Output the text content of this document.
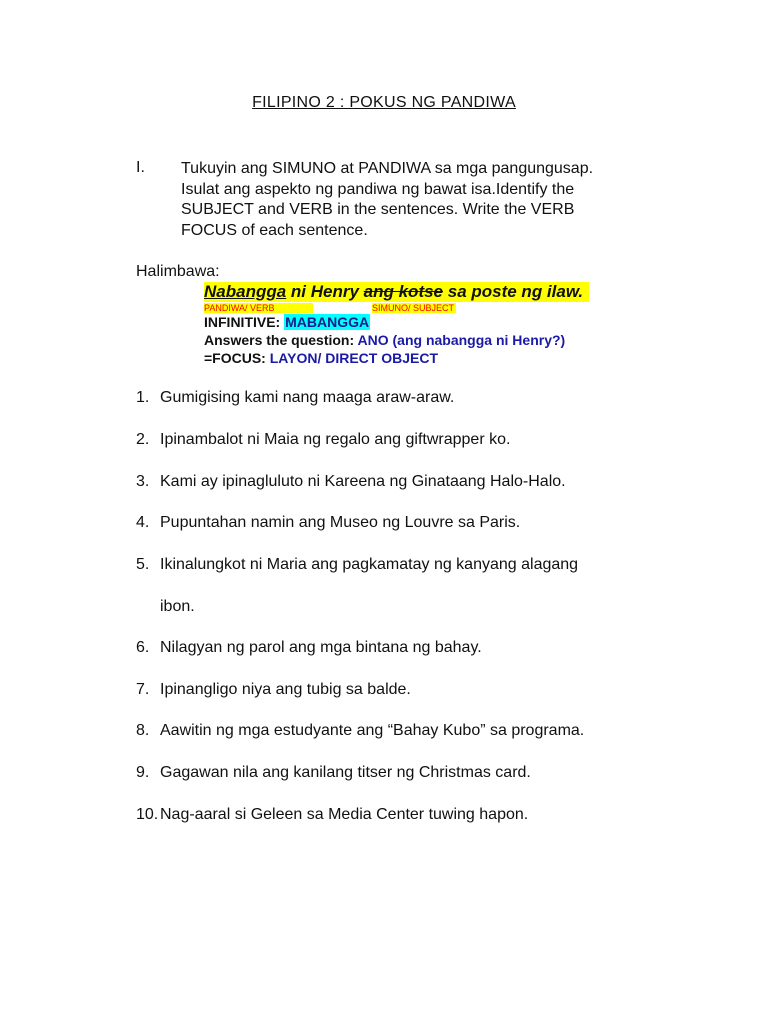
FILIPINO 2 : POKUS NG PANDIWA
I. Tukuyin ang SIMUNO at PANDIWA sa mga pangungusap.
Isulat ang aspekto ng pandiwa ng bawat isa.Identify the
SUBJECT and VERB in the sentences. Write the VERB
FOCUS of each sentence.
Halimbawa:
Nabangga ni Henry ang kotse sa poste ng ilaw.
PANDIWA/ VERB	SIMUNO/ SUBJECT
INFINITIVE: MABANGGA
Answers the question: ANO (ang nabangga ni Henry?)
=FOCUS: LAYON/ DIRECT OBJECT
1. Gumigising kami nang maaga araw-araw.
2. Ipinambalot ni Maia ng regalo ang giftwrapper ko.
3. Kami ay ipinagluluto ni Kareena ng Ginataang Halo-Halo.
4. Pupuntahan namin ang Museo ng Louvre sa Paris.
5. Ikinalungkot ni Maria ang pagkamatay ng kanyang alagang
ibon.
6. Nilagyan ng parol ang mga bintana ng bahay.
7. Ipinangligo niya ang tubig sa balde.
8. Aawitin ng mga estudyante ang “Bahay Kubo” sa programa.
9. Gagawan nila ang kanilang titser ng Christmas card.
10. Nag-aaral si Geleen sa Media Center tuwing hapon.
